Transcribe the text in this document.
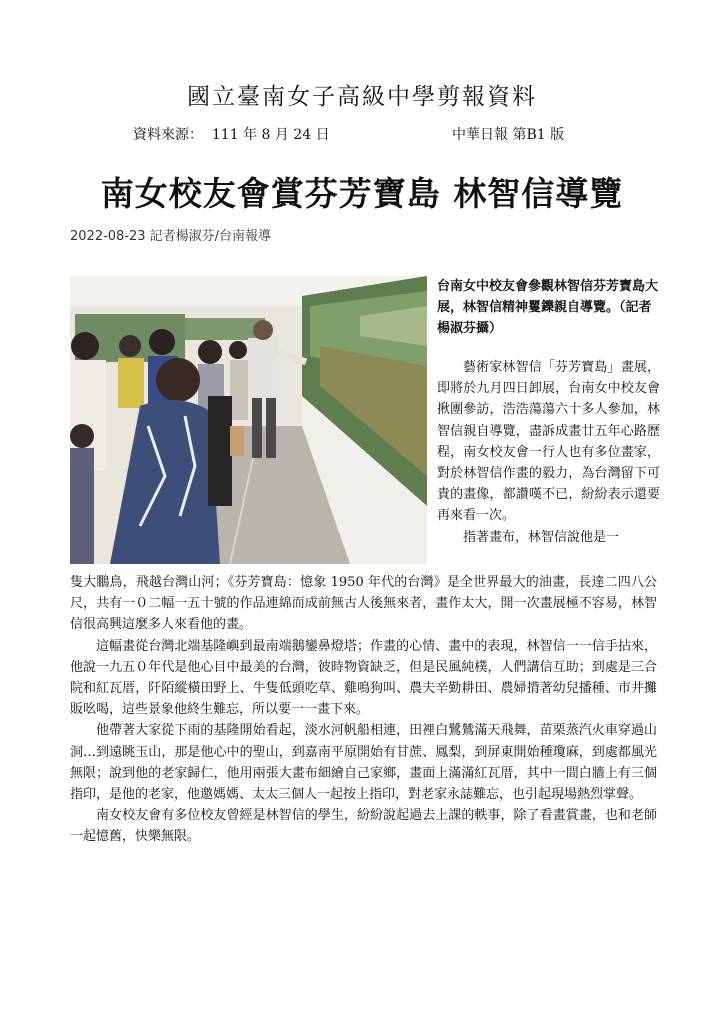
國立臺南女子高級中學剪報資料
資料來源：  111 年 8 月 24 日	中華日報 第B1 版
南女校友會賞芬芳寶島 林智信導覽
2022-08-23 記者楊淑芬/台南報導
台南女中校友會參觀林智信芬芳寶島大展，林智信精神矍鑠親自導覽。（記者楊淑芬攝）

藝術家林智信「芬芳寶島」畫展，即將於九月四日卸展，台南女中校友會揪團參訪，浩浩蕩蕩六十多人參加，林智信親自導覽，盡訴成畫廿五年心路歷程，南女校友會一行人也有多位畫家，對於林智信作畫的毅力，為台灣留下可貴的畫像，都讚嘆不已，紛紛表示還要再來看一次。

指著畫布，林智信說他是一

隻大鵬鳥，飛越台灣山河；《芬芳寶島：憶象 1950 年代的台灣》是全世界最大的油畫，長達二四八公尺，共有一０二幅一五十號的作品連綿而成前無古人後無來者，畫作太大，開一次畫展極不容易，林智信很高興這麼多人來看他的畫。

這幅畫從台灣北端基隆嶼到最南端鵝鑾鼻燈塔；作畫的心情、畫中的表現，林智信一一信手拈來，他說一九五０年代是他心目中最美的台灣，彼時物資缺乏，但是民風純樸，人們講信互助；到處是三合院和紅瓦厝，阡陌縱橫田野上、牛隻低頭吃草、雞鳴狗叫、農夫辛勤耕田、農婦揹著幼兒播種、市井攤販吆喝，這些景象他終生難忘，所以要一一畫下來。

他帶著大家從下雨的基隆開始看起，淡水河帆船相連，田裡白鷺鷥滿天飛舞，苗栗蒸汽火車穿過山洞…到遠眺玉山，那是他心中的聖山，到嘉南平原開始有甘蔗、鳳梨，到屏東開始種瓊麻，到處都風光無限；說到他的老家歸仁，他用兩張大畫布細繪自己家鄉，畫面上滿滿紅瓦厝，其中一間白牆上有三個指印，是他的老家，他邀媽媽、太太三個人一起按上指印，對老家永誌難忘，也引起現場熱烈掌聲。

南女校友會有多位校友曾經是林智信的學生，紛紛說起過去上課的軼事，除了看畫賞畫，也和老師一起憶舊，快樂無限。
